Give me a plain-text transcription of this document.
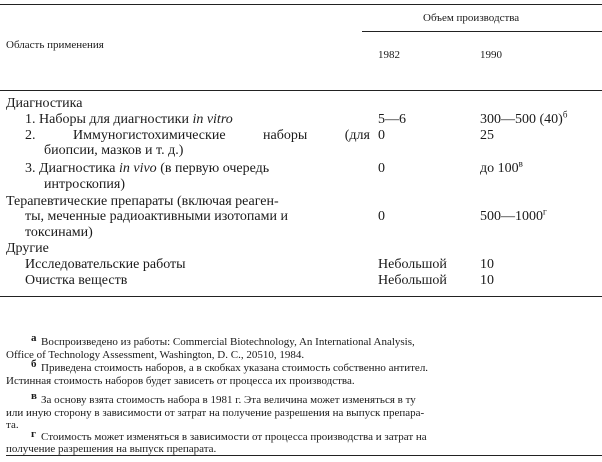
Область применения
Объем производства
1982	1990
Диагностика
1. Наборы для диагностики in vitro	5—6	300—500 $(40)^б$
2. Иммуногистохимические наборы (для
биопсии, мазков и т. д.)
0	25
3. Диагностика in vivo (в первую очередь
интроскопия)
0	до $100^в$
Терапевтические препараты (включая реаген-
ты, меченные радиоактивными изотопами и
токсинами)
0	$500—1000^г$
Другие
Исследовательские работы	Небольшой 10
Очистка веществ	Небольшой 10
а Воспроизведено из работы: Commercial Biotechnology, An International Analysis,
Office of Technology Assessment, Washington, D. C., 20510, 1984.
б Приведена стоимость наборов, а в скобках указана стоимость собственно антител.
Истинная стоимость наборов будет зависеть от процесса их производства.
в За основу взята стоимость набора в 1981 г. Эта величина может изменяться в ту
или иную сторону в зависимости от затрат на получение разрешения на выпуск препара-
та.
г Стоимость может изменяться в зависимости от процесса производства и затрат на
получение разрешения на выпуск препарата.
